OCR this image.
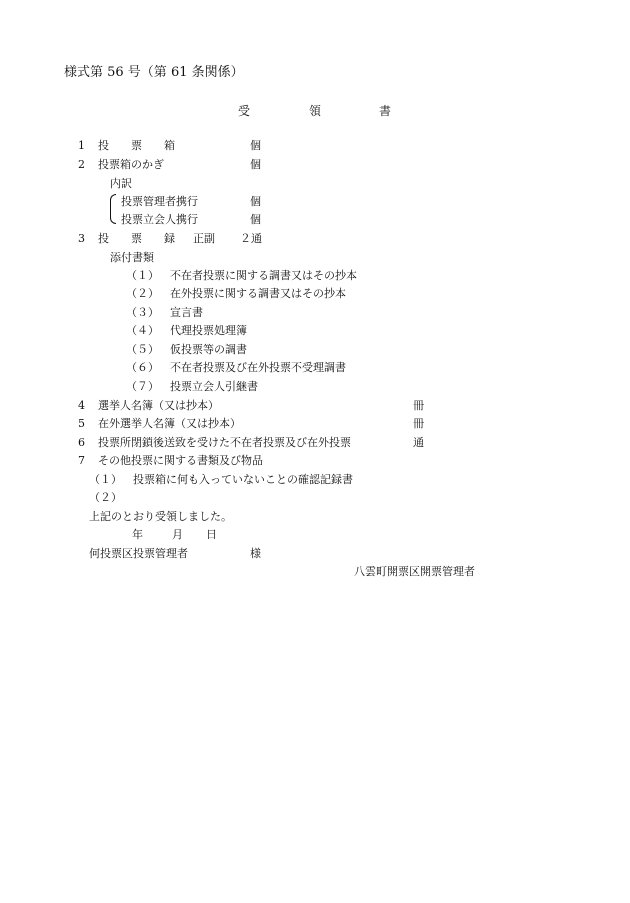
様式第 56 号（第 61 条関係）
受	領	書
1 投　　票　　箱	個
2 投票箱のかぎ	個
内訳
投票管理者携行	個
投票立会人携行	個
3 投　　票　　録 正副 ２通
添付書類
（１） 不在者投票に関する調書又はその抄本
（２） 在外投票に関する調書又はその抄本
（３） 宣言書
（４） 代理投票処理簿
（５） 仮投票等の調書
（６） 不在者投票及び在外投票不受理調書
（７） 投票立会人引継書
4 選挙人名簿（又は抄本）	冊
5 在外選挙人名簿（又は抄本）	冊
6 投票所閉鎖後送致を受けた不在者投票及び在外投票	通
7 その他投票に関する書類及び物品
（１） 投票箱に何も入っていないことの確認記録書
（２）
上記のとおり受領しました。
年	月 日
何投票区投票管理者	様
八雲町開票区開票管理者
